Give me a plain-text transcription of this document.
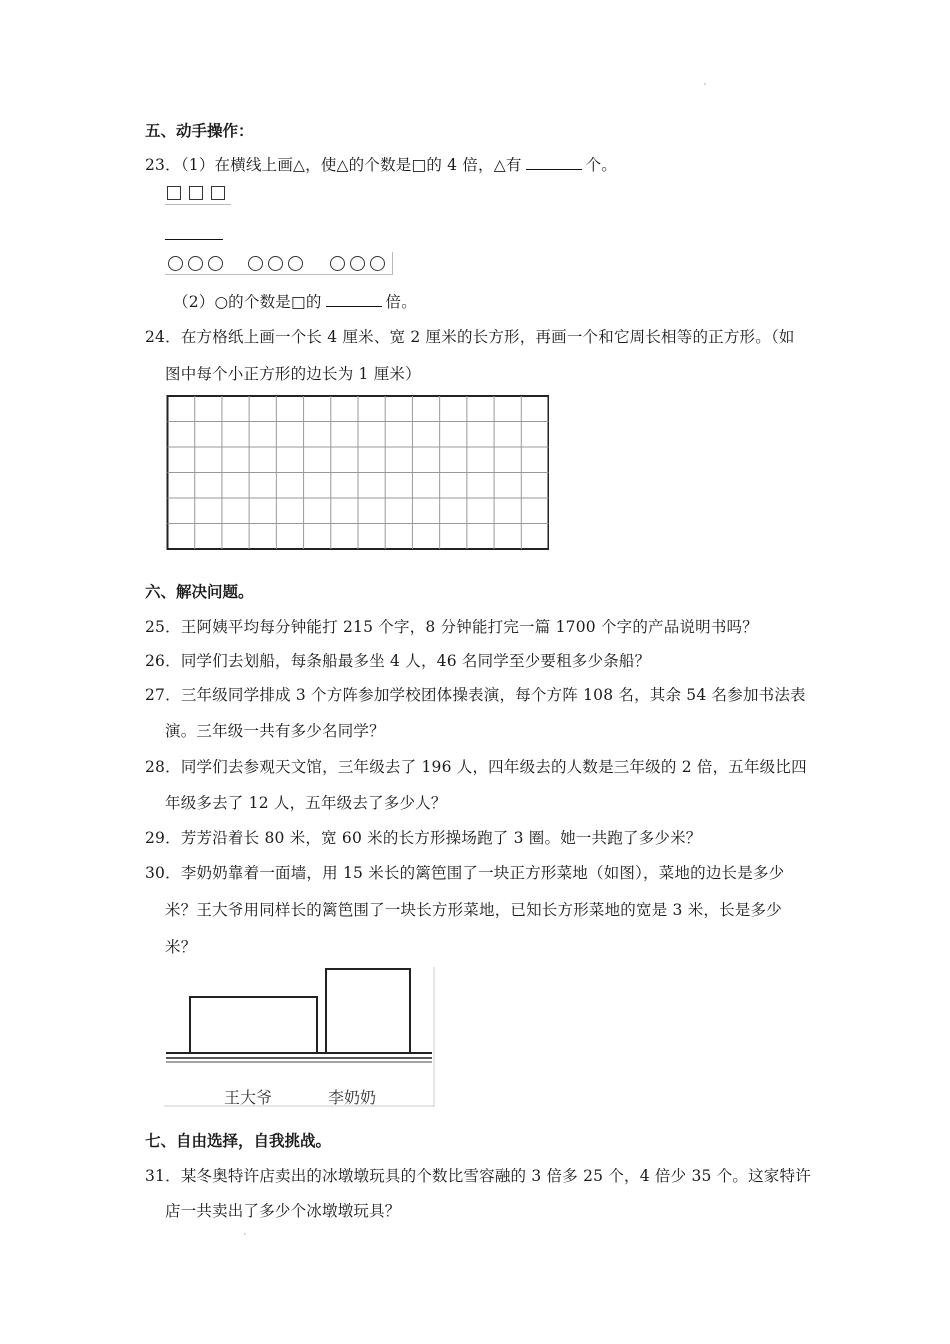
˛
˛
五、动手操作：
23．（1）在横线上画△，使△的个数是□的 4 倍，△有	个。
（2）○的个数是□的	倍。
24．在方格纸上画一个长 4 厘米、宽 2 厘米的长方形，再画一个和它周长相等的正方形。（如
图中每个小正方形的边长为 1 厘米）
六、解决问题。
25．王阿姨平均每分钟能打 215 个字，8 分钟能打完一篇 1700 个字的产品说明书吗？
26．同学们去划船，每条船最多坐 4 人，46 名同学至少要租多少条船？
27．三年级同学排成 3 个方阵参加学校团体操表演，每个方阵 108 名，其余 54 名参加书法表
演。三年级一共有多少名同学？
28．同学们去参观天文馆，三年级去了 196 人，四年级去的人数是三年级的 2 倍，五年级比四
年级多去了 12 人，五年级去了多少人？
29．芳芳沿着长 80 米，宽 60 米的长方形操场跑了 3 圈。她一共跑了多少米？
30．李奶奶靠着一面墙，用 15 米长的篱笆围了一块正方形菜地（如图），菜地的边长是多少
米？王大爷用同样长的篱笆围了一块长方形菜地，已知长方形菜地的宽是 3 米，长是多少
米？
王大爷	李奶奶
七、自由选择，自我挑战。
31．某冬奥特许店卖出的冰墩墩玩具的个数比雪容融的 3 倍多 25 个，4 倍少 35 个。这家特许
店一共卖出了多少个冰墩墩玩具？
